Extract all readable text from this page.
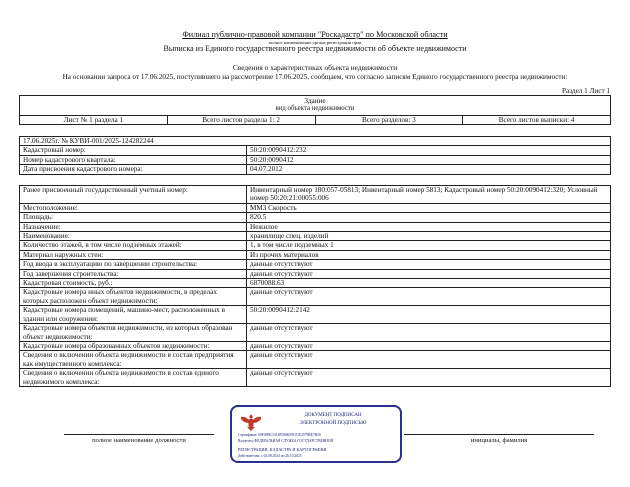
Филиал публично-правовой компании "Роскадастр" по Московской области
полное наименование органа регистрации прав
Выписка из Единого государственного реестра недвижимости об объекте недвижимости
Сведения о характеристиках объекта недвижимости
На основании запроса от 17.06.2025, поступившего на рассмотрение 17.06.2025, сообщаем, что согласно записям Единого государственного реестра недвижимости:
Раздел 1 Лист 1
Здание
вид объекта недвижимости

Лист № 1 раздела 1	Всего листов раздела 1: 2	Всего разделов: 3	Всего листов выписки: 4
17.06.2025г. № КУВИ-001/2025-124282244	
Кадастровый номер:	50:20:0090412:232
Номер кадастрового квартала:	50:20:0090412
Дата присвоения кадастрового номера:	04.07.2012
Ранее присвоенный государственный учетный номер:	Инвентарный номер 180:057-05813; Инвентарный номер 5813; Кадастровый номер 50:20:0090412:320; Условный номер 50:20:21:00055:006
Местоположение:	ММЗ Скорость
Площадь:	820.5
Назначение:	Нежилое
Наименование:	хранилище спец. изделий
Количество этажей, в том числе подземных этажей:	1, в том числе подземных 1
Материал наружных стен:	Из прочих материалов
Год ввода в эксплуатацию по завершении строительства:	данные отсутствуют
Год завершения строительства:	данные отсутствуют
Кадастровая стоимость, руб.:	6870088.63
Кадастровые номера иных объектов недвижимости, в пределах которых расположен объект недвижимости:	данные отсутствуют
Кадастровые номера помещений, машино-мест, расположенных в здании или сооружении:	50:20:0090412:2142
Кадастровые номера объектов недвижимости, из которых образован объект недвижимости:	данные отсутствуют
Кадастровые номера образованных объектов недвижимости:	данные отсутствуют
Сведения о включении объекта недвижимости в состав предприятия как имущественного комплекса:	данные отсутствуют
Сведения о включении объекта недвижимости в состав единого недвижимого комплекса:	данные отсутствуют
полное наименование должности	инициалы, фамилия
ДОКУМЕНТ ПОДПИСАН
ЭЛЕКТРОННОЙ ПОДПИСЬЮ
Сертификат: 00F00BC3314E5B6659C01E2579BE7B50
Владелец: ФЕДЕРАЛЬНАЯ СЛУЖБА ГОСУДАРСТВЕННОЙ
РЕГИСТРАЦИИ, КАДАСТРА И КАРТОГРАФИИ
Действителен: с 02.08.2024 по 26.10.2025
